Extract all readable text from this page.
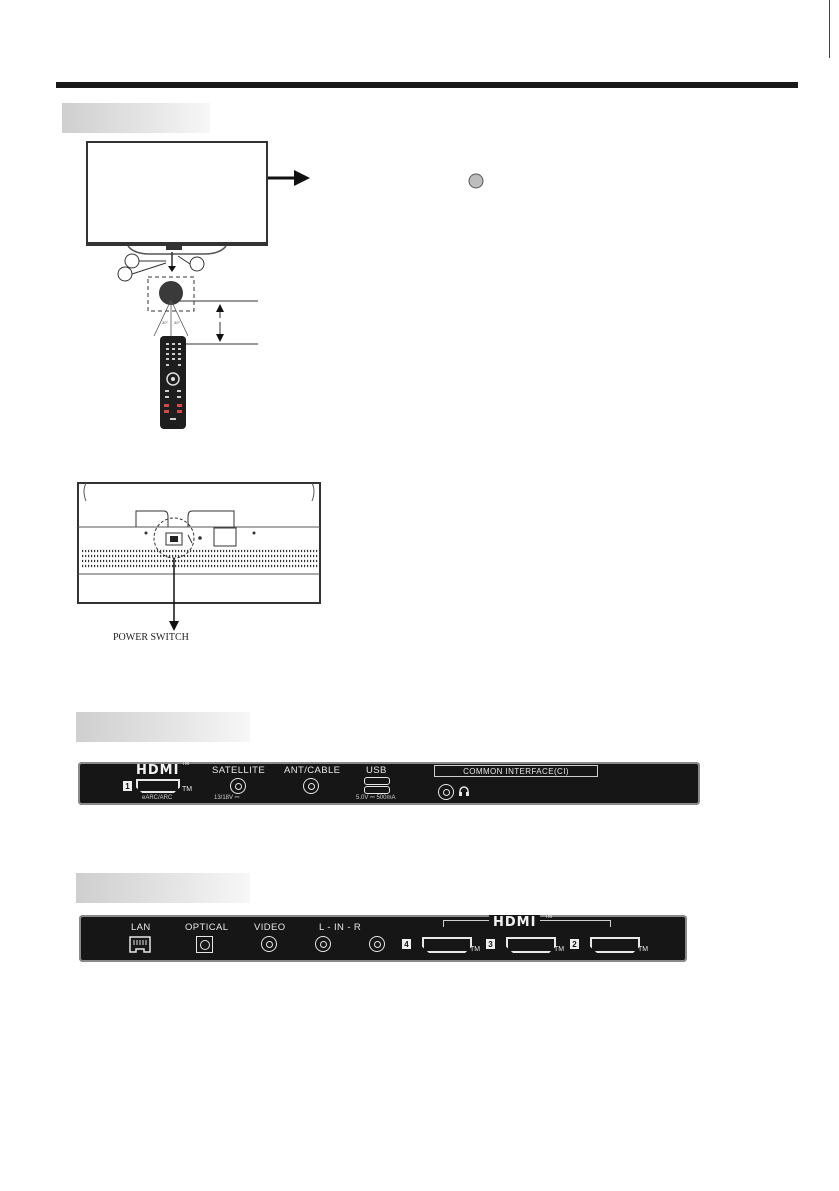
30° 30°
POWER SWITCH
HDMI TM
1	TM
eARC/ARC
SATELLITE
13/18V ⎓
ANT/CABLE	USB
5.0V ⎓ 500mA
COMMON INTERFACE(CI)
LAN	OPTICAL	VIDEO	L - IN - R	HDMI	TM
4
TM
3
TM
2
TM
